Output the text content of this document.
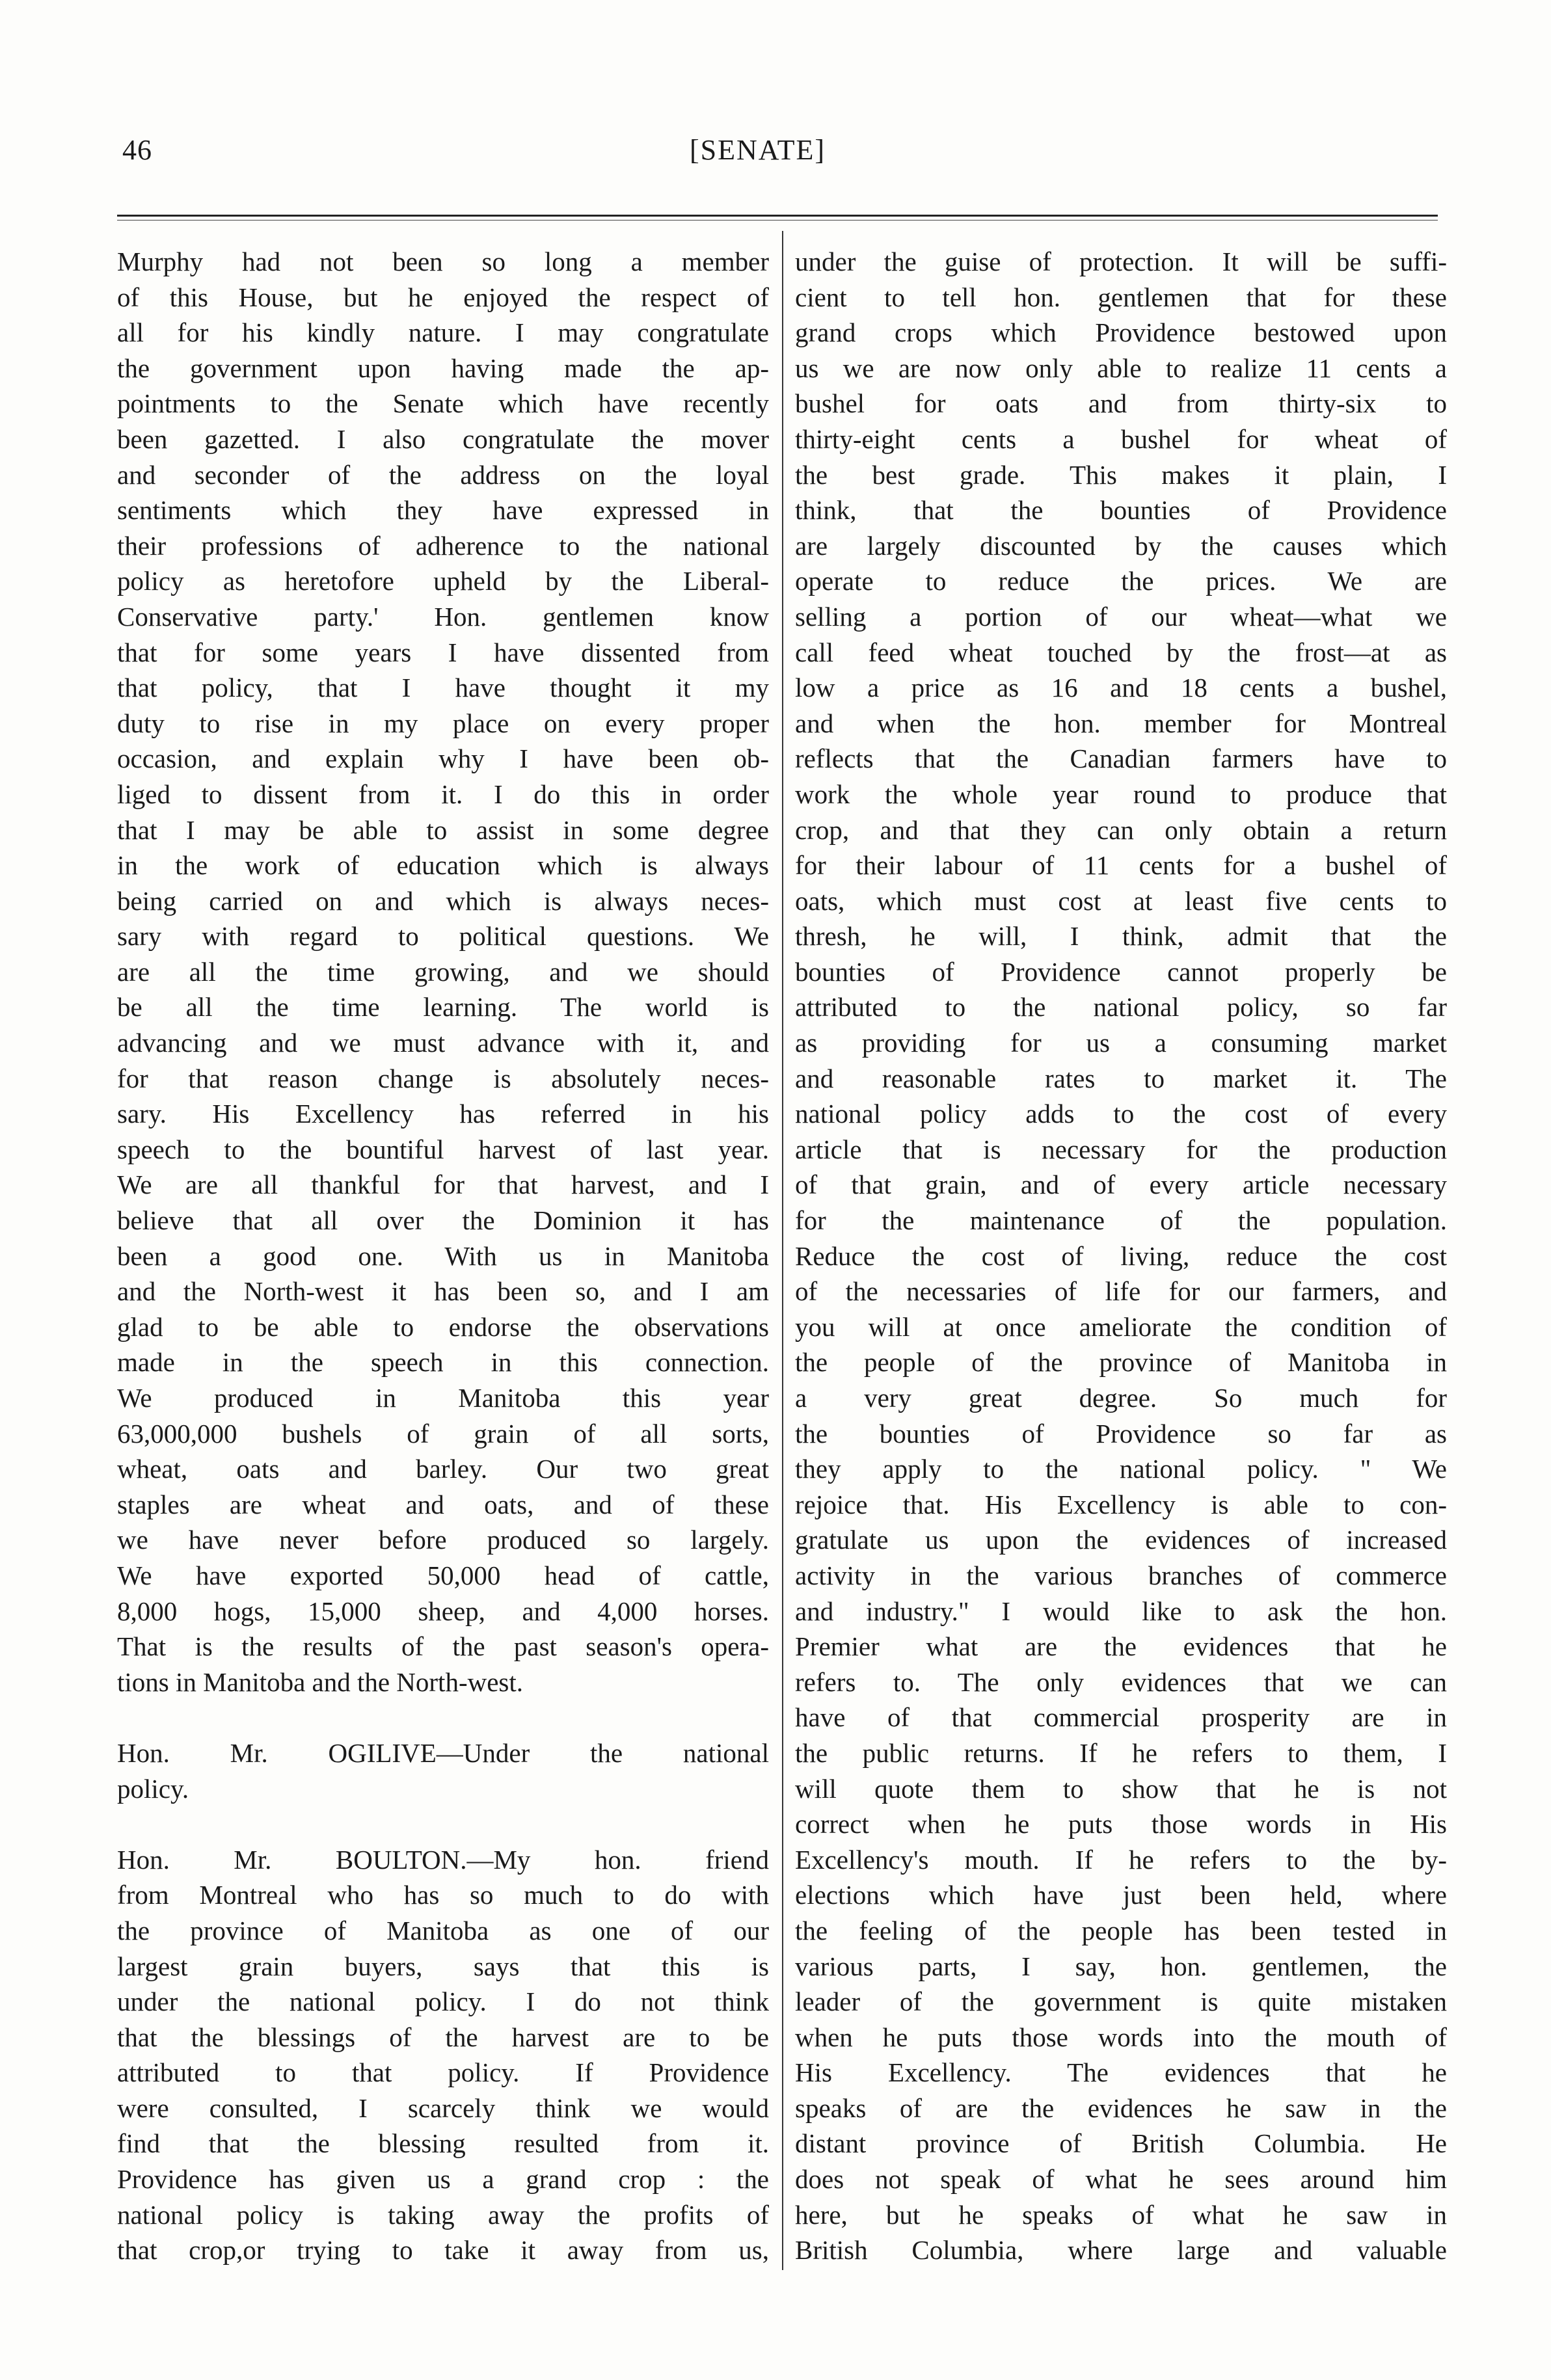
46	[SENATE]
Murphy had not been so long a member
of this House, but he enjoyed the respect of
all for his kindly nature. I may congratulate
the government upon having made the ap-
pointments to the Senate which have recently
been gazetted. I also congratulate the mover
and seconder of the address on the loyal
sentiments which they have expressed in
their professions of adherence to the national
policy as heretofore upheld by the Liberal-
Conservative party.' Hon. gentlemen know
that for some years I have dissented from
that policy, that I have thought it my
duty to rise in my place on every proper
occasion, and explain why I have been ob-
liged to dissent from it. I do this in order
that I may be able to assist in some degree
in the work of education which is always
being carried on and which is always neces-
sary with regard to political questions. We
are all the time growing, and we should
be all the time learning. The world is
advancing and we must advance with it, and
for that reason change is absolutely neces-
sary. His Excellency has referred in his
speech to the bountiful harvest of last year.
We are all thankful for that harvest, and I
believe that all over the Dominion it has
been a good one. With us in Manitoba
and the North-west it has been so, and I am
glad to be able to endorse the observations
made in the speech in this connection.
We produced in Manitoba this year
63,000,000 bushels of grain of all sorts,
wheat, oats and barley. Our two great
staples are wheat and oats, and of these
we have never before produced so largely.
We have exported 50,000 head of cattle,
8,000 hogs, 15,000 sheep, and 4,000 horses.
That is the results of the past season's opera-
tions in Manitoba and the North-west.
Hon. Mr. OGILIVE—Under the national
policy.
Hon. Mr. BOULTON.—My hon. friend
from Montreal who has so much to do with
the province of Manitoba as one of our
largest grain buyers, says that this is
under the national policy. I do not think
that the blessings of the harvest are to be
attributed to that policy. If Providence
were consulted, I scarcely think we would
find that the blessing resulted from it.
Providence has given us a grand crop : the
national policy is taking away the profits of
that crop,or trying to take it away from us,
under the guise of protection. It will be suffi-
cient to tell hon. gentlemen that for these
grand crops which Providence bestowed upon
us we are now only able to realize 11 cents a
bushel for oats and from thirty-six to
thirty-eight cents a bushel for wheat of
the best grade. This makes it plain, I
think, that the bounties of Providence
are largely discounted by the causes which
operate to reduce the prices. We are
selling a portion of our wheat—what we
call feed wheat touched by the frost—at as
low a price as 16 and 18 cents a bushel,
and when the hon. member for Montreal
reflects that the Canadian farmers have to
work the whole year round to produce that
crop, and that they can only obtain a return
for their labour of 11 cents for a bushel of
oats, which must cost at least five cents to
thresh, he will, I think, admit that the
bounties of Providence cannot properly be
attributed to the national policy, so far
as providing for us a consuming market
and reasonable rates to market it. The
national policy adds to the cost of every
article that is necessary for the production
of that grain, and of every article necessary
for the maintenance of the population.
Reduce the cost of living, reduce the cost
of the necessaries of life for our farmers, and
you will at once ameliorate the condition of
the people of the province of Manitoba in
a very great degree. So much for
the bounties of Providence so far as
they apply to the national policy. " We
rejoice that. His Excellency is able to con-
gratulate us upon the evidences of increased
activity in the various branches of commerce
and industry." I would like to ask the hon.
Premier what are the evidences that he
refers to. The only evidences that we can
have of that commercial prosperity are in
the public returns. If he refers to them, I
will quote them to show that he is not
correct when he puts those words in His
Excellency's mouth. If he refers to the by-
elections which have just been held, where
the feeling of the people has been tested in
various parts, I say, hon. gentlemen, the
leader of the government is quite mistaken
when he puts those words into the mouth of
His Excellency. The evidences that he
speaks of are the evidences he saw in the
distant province of British Columbia. He
does not speak of what he sees around him
here, but he speaks of what he saw in
British Columbia, where large and valuable
